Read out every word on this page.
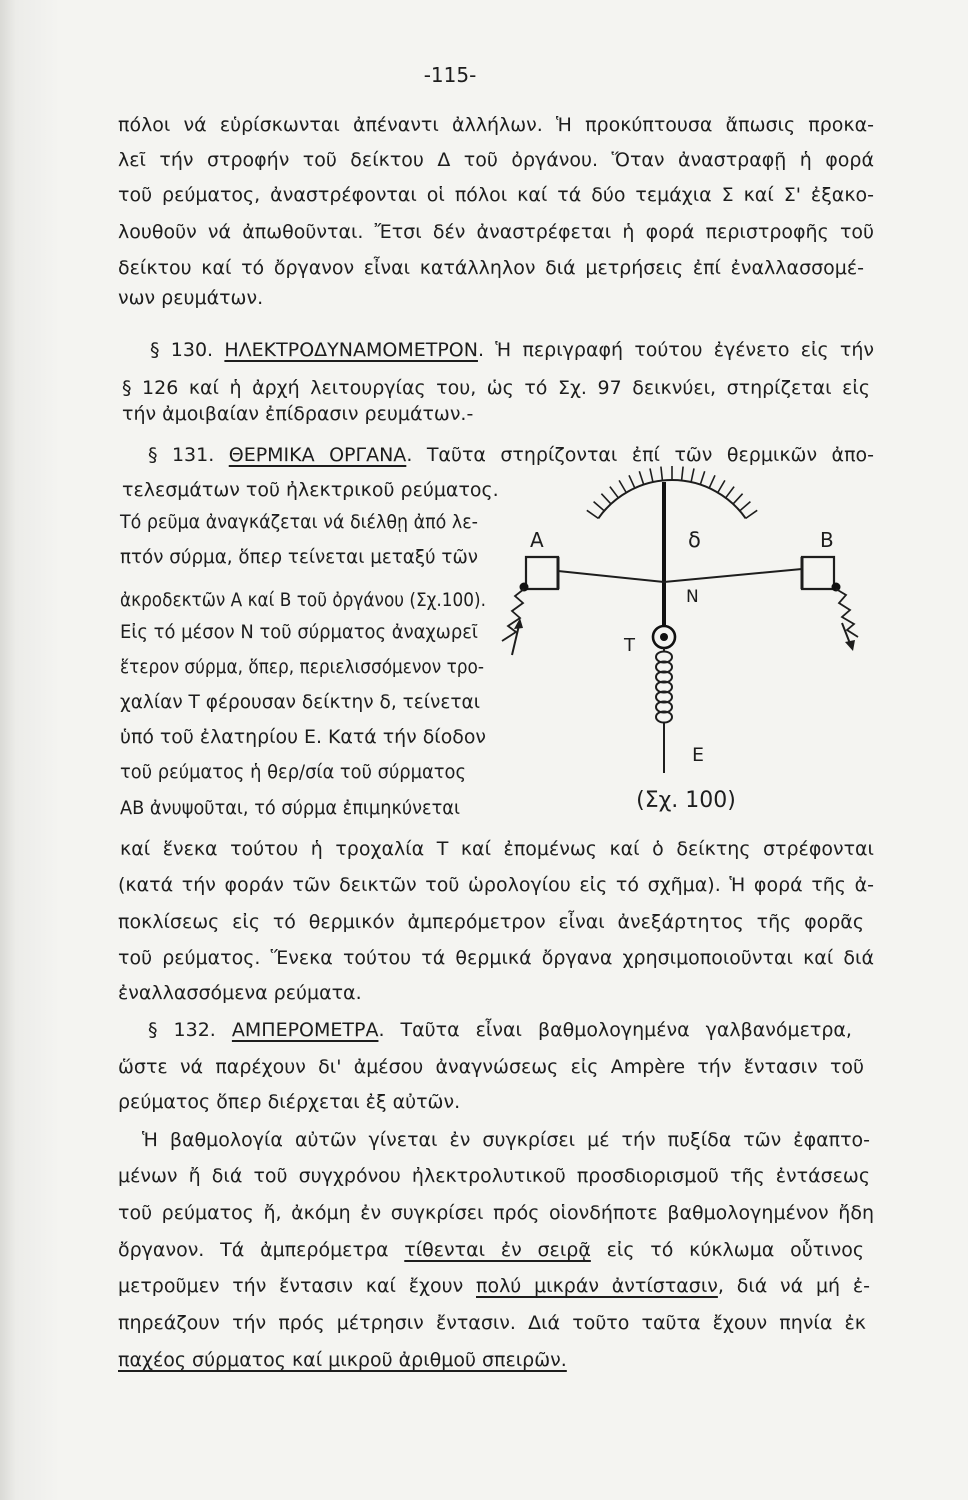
-115-
πόλοι νά εὑρίσκωνται ἀπέναντι ἀλλήλων. Ἡ προκύπτουσα ἄπωσις προκα-
λεῖ τήν στροφήν τοῦ δείκτου Δ τοῦ ὀργάνου. Ὅταν ἀναστραφῇ ἡ φορά
τοῦ ρεύματος, ἀναστρέφονται οἱ πόλοι καί τά δύο τεμάχια Σ καί Σ' ἐξακο-
λουθοῦν νά ἀπωθοῦνται. Ἔτσι δέν ἀναστρέφεται ἡ φορά περιστροφῆς τοῦ
δείκτου καί τό ὄργανον εἶναι κατάλληλον διά μετρήσεις ἐπί ἐναλλασσομέ-
νων ρευμάτων.
§ 130. ΗΛΕΚΤΡΟΔΥΝΑΜΟΜΕΤΡΟΝ. Ἡ περιγραφή τούτου ἐγένετο εἰς τήν
§ 126 καί ἡ ἀρχή λειτουργίας του, ὡς τό Σχ. 97 δεικνύει, στηρίζεται εἰς
τήν ἀμοιβαίαν ἐπίδρασιν ρευμάτων.-
§ 131. ΘΕΡΜΙΚΑ ΟΡΓΑΝΑ. Ταῦτα στηρίζονται ἐπί τῶν θερμικῶν ἀπο-
τελεσμάτων τοῦ ἠλεκτρικοῦ ρεύματος.
Τό ρεῦμα ἀναγκάζεται νά διέλθῃ ἀπό λε-
πτόν σύρμα, ὅπερ τείνεται μεταξύ τῶν
ἀκροδεκτῶν Α καί Β τοῦ ὀργάνου (Σχ.100).
Εἰς τό μέσον Ν τοῦ σύρματος ἀναχωρεῖ
ἕτερον σύρμα, ὅπερ, περιελισσόμενον τρο-
χαλίαν Τ φέρουσαν δείκτην δ, τείνεται
ὑπό τοῦ ἐλατηρίου Ε. Κατά τήν δίοδον
τοῦ ρεύματος ἡ θερ/σία τοῦ σύρματος
ΑΒ ἀνυψοῦται, τό σύρμα ἐπιμηκύνεται
καί ἕνεκα τούτου ἡ τροχαλία Τ καί ἐπομένως καί ὁ δείκτης στρέφονται
(κατά τήν φοράν τῶν δεικτῶν τοῦ ὡρολογίου εἰς τό σχῆμα). Ἡ φορά τῆς ἀ-
ποκλίσεως εἰς τό θερμικόν ἀμπερόμετρον εἶναι ἀνεξάρτητος τῆς φορᾶς
τοῦ ρεύματος. Ἕνεκα τούτου τά θερμικά ὄργανα χρησιμοποιοῦνται καί διά
ἐναλλασσόμενα ρεύματα.
§ 132. ΑΜΠΕΡΟΜΕΤΡΑ. Ταῦτα εἶναι βαθμολογημένα γαλβανόμετρα,
ὥστε νά παρέχουν δι' ἀμέσου ἀναγνώσεως εἰς Ampère τήν ἔντασιν τοῦ
ρεύματος ὅπερ διέρχεται ἐξ αὐτῶν.
Ἡ βαθμολογία αὐτῶν γίνεται ἐν συγκρίσει μέ τήν πυξίδα τῶν ἐφαπτο-
μένων ἤ διά τοῦ συγχρόνου ἠλεκτρολυτικοῦ προσδιορισμοῦ τῆς ἐντάσεως
τοῦ ρεύματος ἤ, ἀκόμη ἐν συγκρίσει πρός οἱονδήποτε βαθμολογημένον ἤδη
ὄργανον. Τά ἀμπερόμετρα τίθενται ἐν σειρᾷ εἰς τό κύκλωμα οὗτινος
μετροῦμεν τήν ἔντασιν καί ἔχουν πολύ μικράν ἀντίστασιν, διά νά μή ἐ-
πηρεάζουν τήν πρός μέτρησιν ἔντασιν. Διά τοῦτο ταῦτα ἔχουν πηνία ἐκ
παχέος σύρματος καί μικροῦ ἀριθμοῦ σπειρῶν.
δ
N
A	B
T
E
(Σχ. 100)
